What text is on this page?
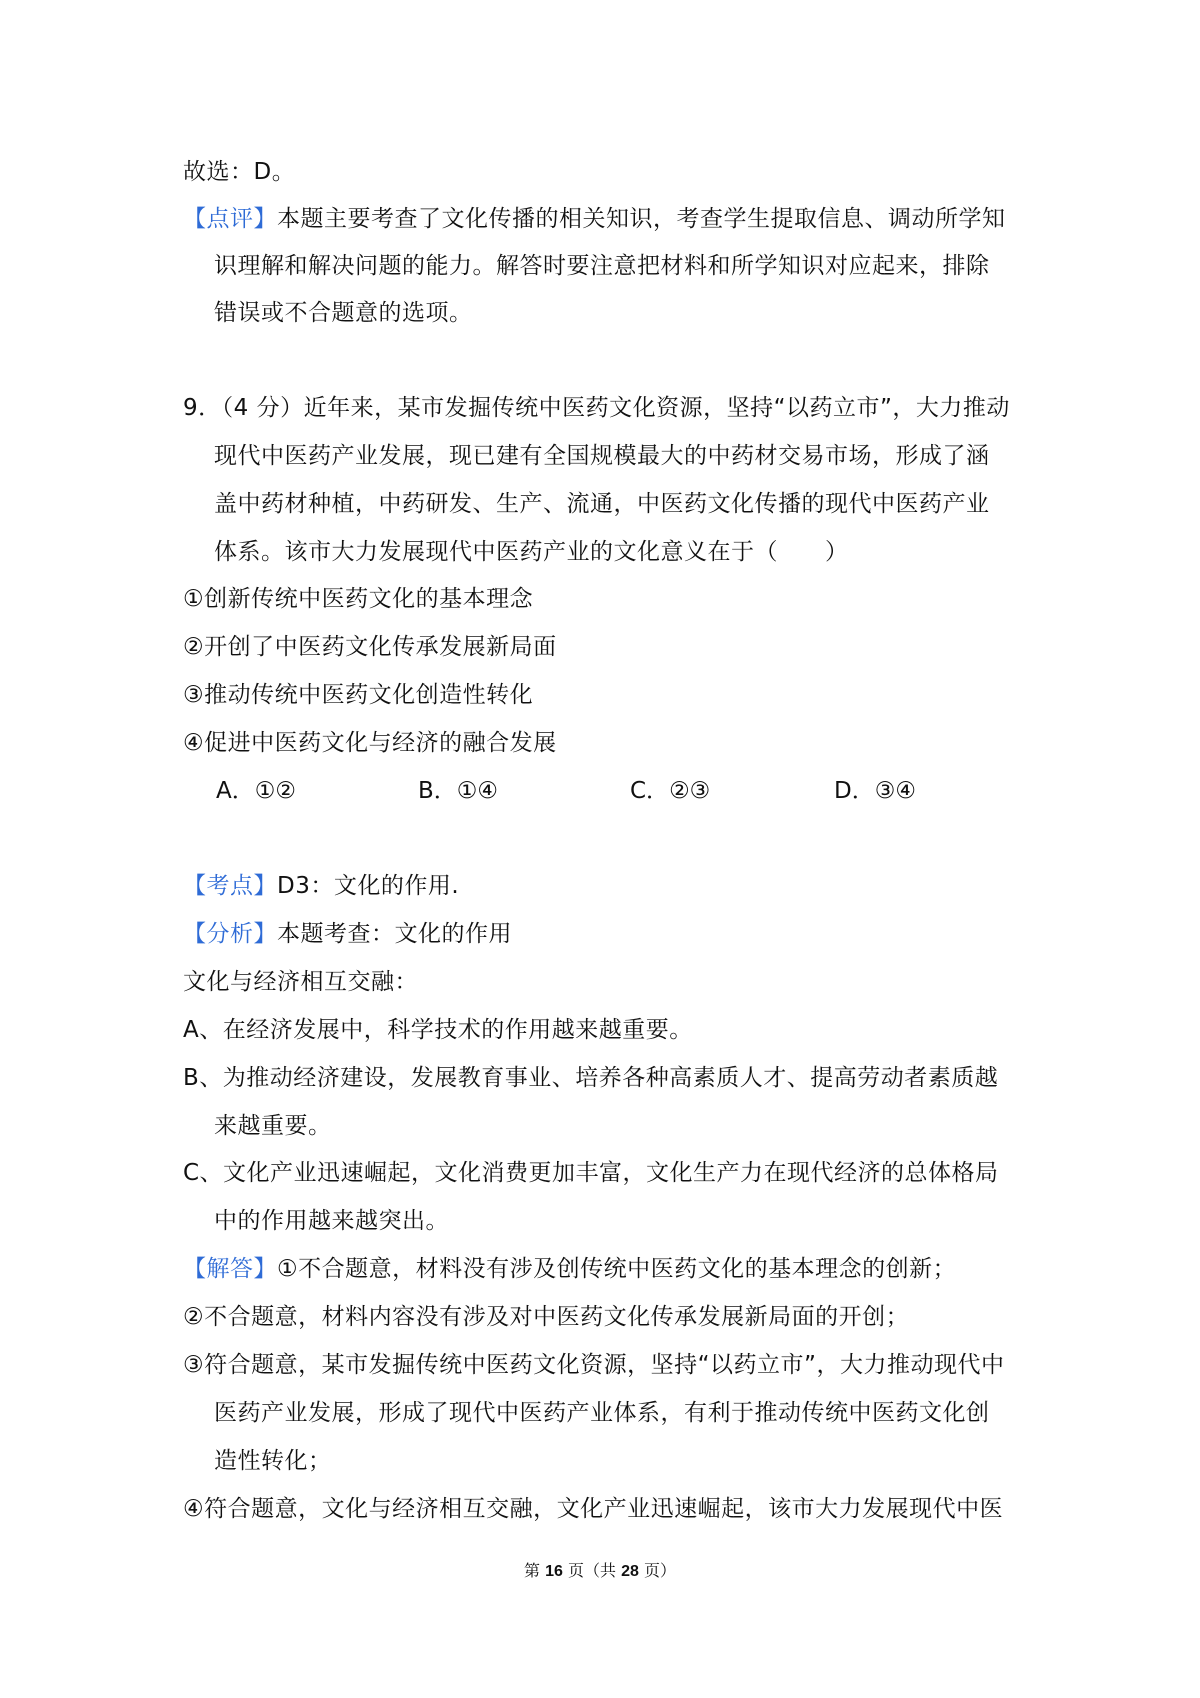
故选：D。
【点评】本题主要考查了文化传播的相关知识，考查学生提取信息、调动所学知
识理解和解决问题的能力。解答时要注意把材料和所学知识对应起来，排除
错误或不合题意的选项。
9．（4 分）近年来，某市发掘传统中医药文化资源，坚持“以药立市”，大力推动
现代中医药产业发展，现已建有全国规模最大的中药材交易市场，形成了涵
盖中药材种植，中药研发、生产、流通，中医药文化传播的现代中医药产业
体系。该市大力发展现代中医药产业的文化意义在于（　　）
①创新传统中医药文化的基本理念
②开创了中医药文化传承发展新局面
③推动传统中医药文化创造性转化
④促进中医药文化与经济的融合发展
A．①②	B．①④	C．②③	D．③④
【考点】D3：文化的作用.
【分析】本题考查：文化的作用
文化与经济相互交融：
A、在经济发展中，科学技术的作用越来越重要。
B、为推动经济建设，发展教育事业、培养各种高素质人才、提高劳动者素质越
来越重要。
C、文化产业迅速崛起，文化消费更加丰富，文化生产力在现代经济的总体格局
中的作用越来越突出。
【解答】①不合题意，材料没有涉及创传统中医药文化的基本理念的创新；
②不合题意，材料内容没有涉及对中医药文化传承发展新局面的开创；
③符合题意，某市发掘传统中医药文化资源，坚持“以药立市”，大力推动现代中
医药产业发展，形成了现代中医药产业体系，有利于推动传统中医药文化创
造性转化；
④符合题意，文化与经济相互交融，文化产业迅速崛起，该市大力发展现代中医
第 16 页（共 28 页）
